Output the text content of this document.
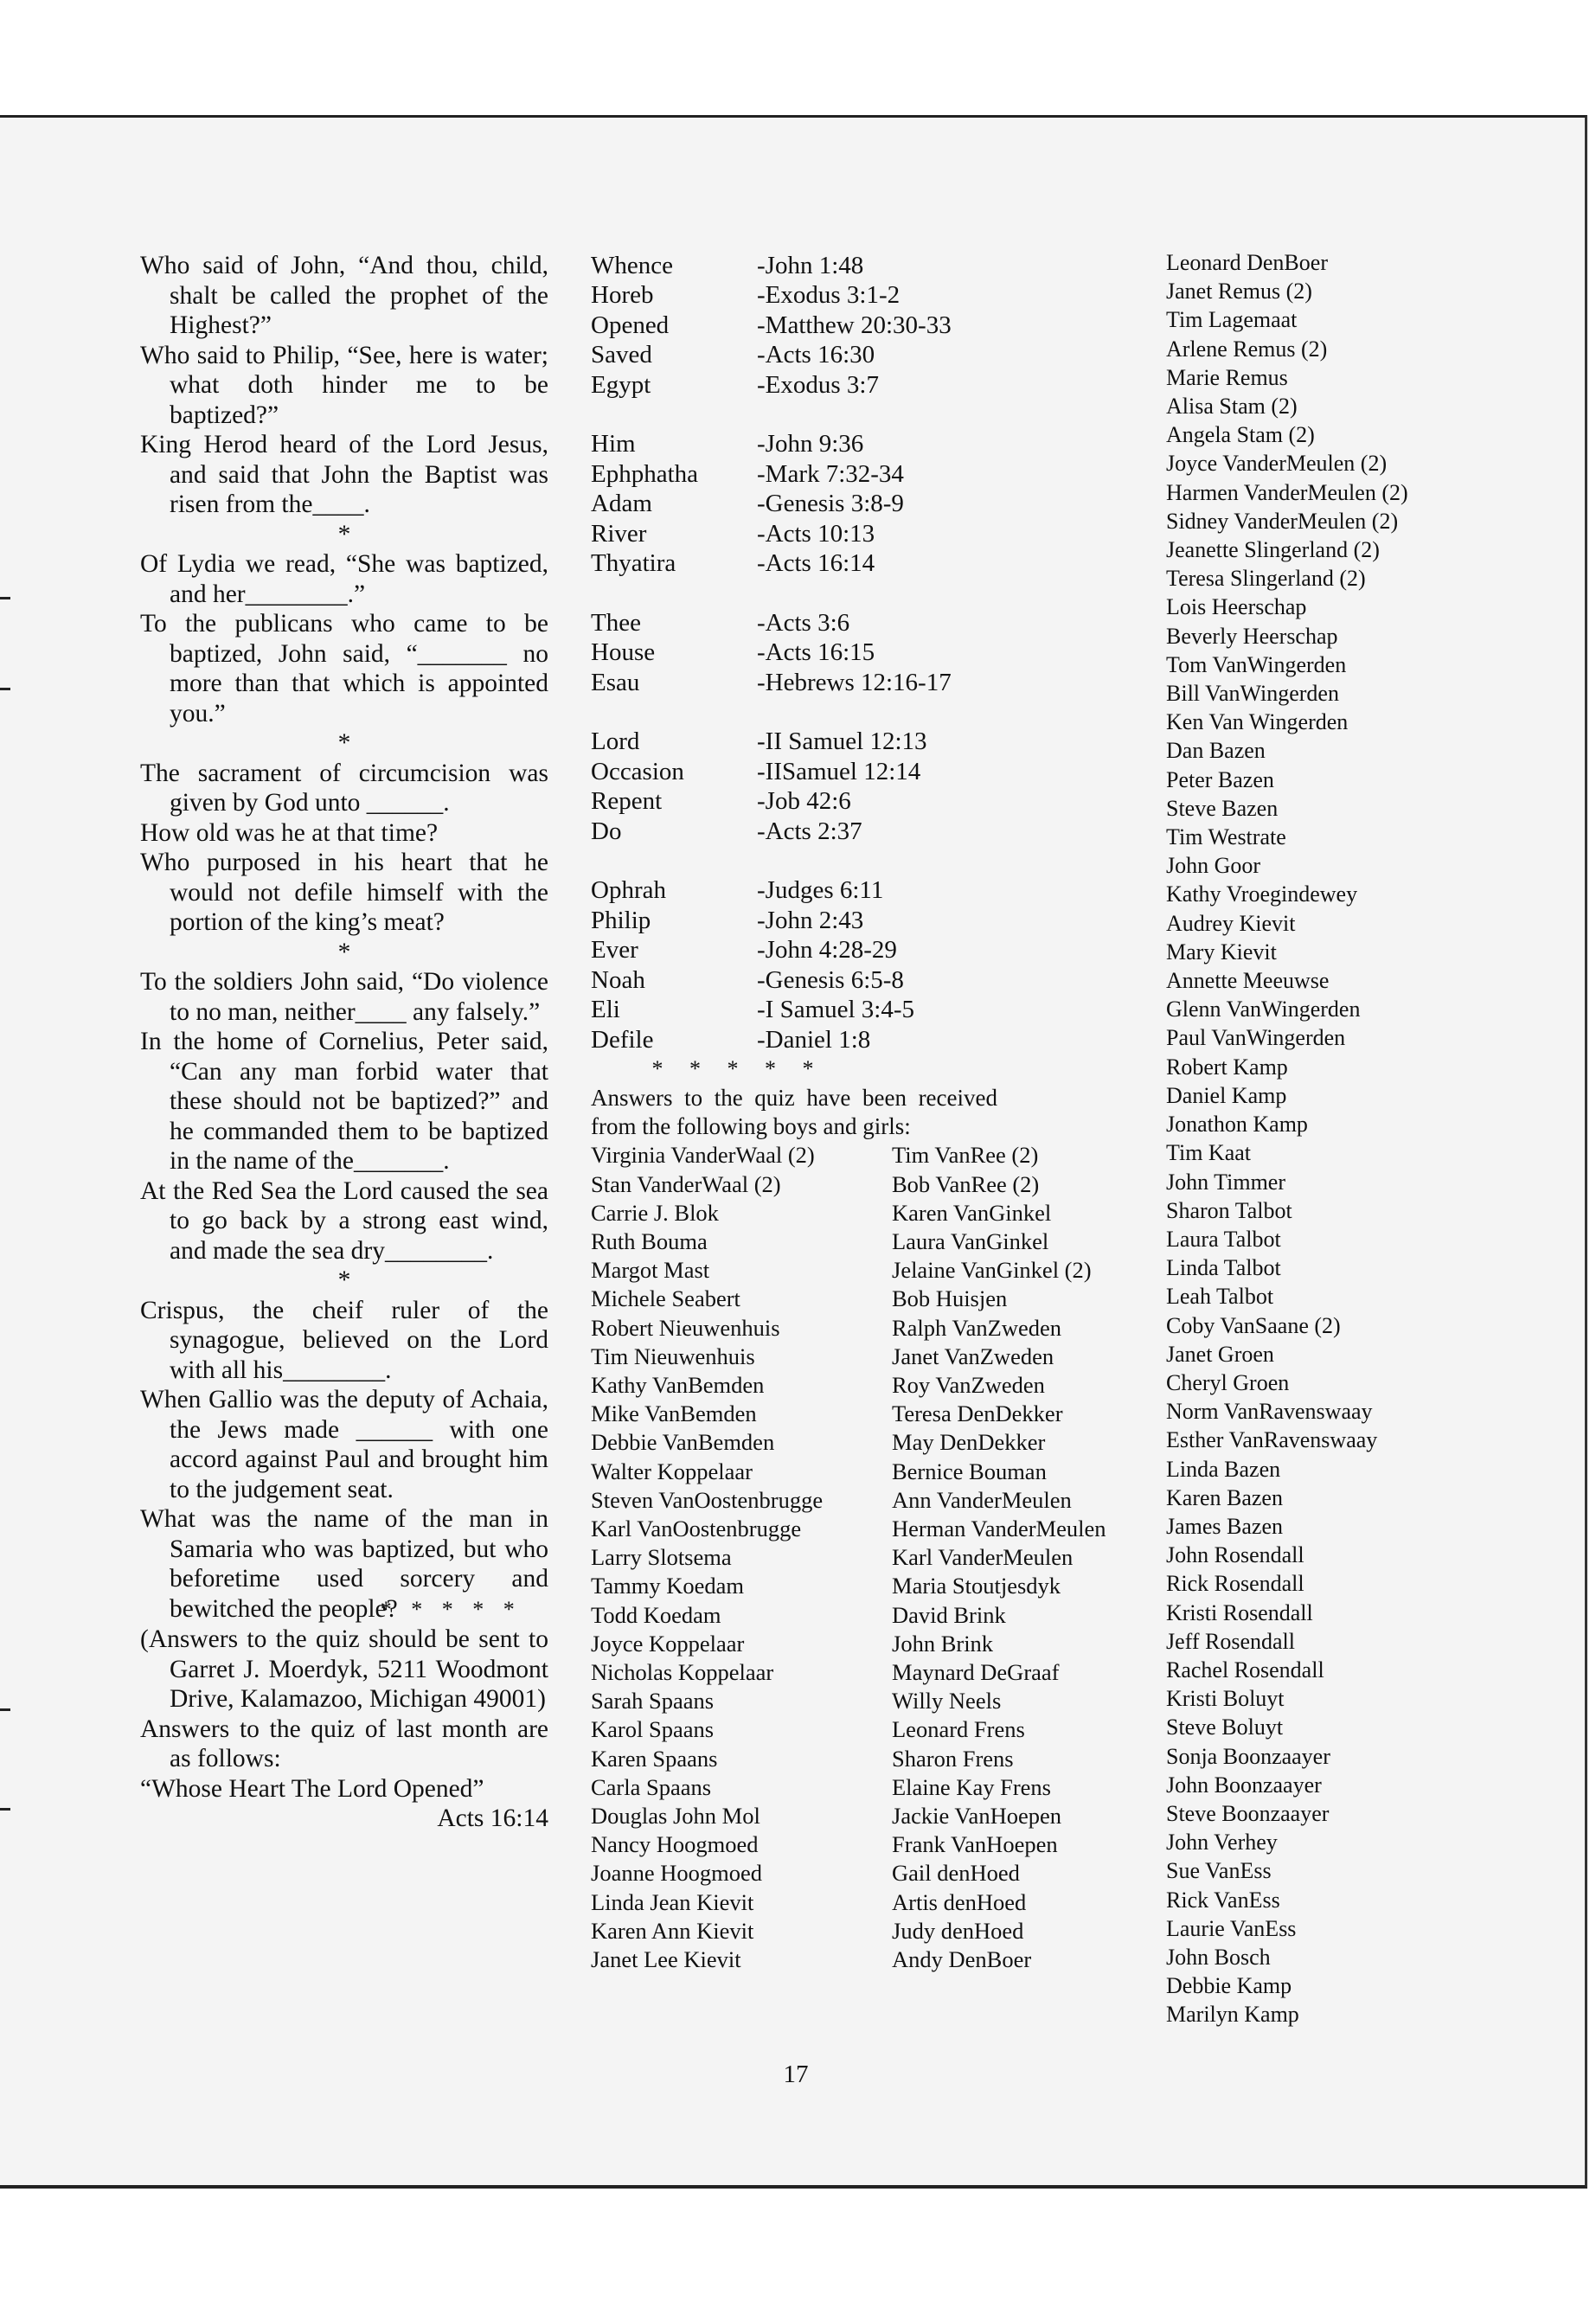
Who said of John, “And thou, child, shalt be called the prophet of the Highest?”
Who said to Philip, “See, here is water; what doth hinder me to be baptized?”
King Herod heard of the Lord Jesus, and said that John the Baptist was risen from the____.
*
Of Lydia we read, “She was baptized, and her________.”
To the publicans who came to be baptized, John said, “_______ no more than that which is appointed you.”
*
The sacrament of circumcision was given by God unto ______.
How old was he at that time?
Who purposed in his heart that he would not defile himself with the portion of the king’s meat?
*
To the soldiers John said, “Do violence to no man, neither____ any falsely.”
In the home of Cornelius, Peter said, “Can any man forbid water that these should not be baptized?” and he commanded them to be baptized in the name of the_______.
At the Red Sea the Lord caused the sea to go back by a strong east wind, and made the sea dry________.
*
Crispus, the cheif ruler of the synagogue, believed on the Lord with all his________.
When Gallio was the deputy of Achaia, the Jews made ______ with one accord against Paul and brought him to the judgement seat.
What was the name of the man in Samaria who was baptized, but who beforetime used sorcery and bewitched the people?* * * * *
(Answers to the quiz should be sent to Garret J. Moerdyk, 5211 Woodmont Drive, Kalamazoo, Michigan 49001)
Answers to the quiz of last month are as follows:
“Whose Heart The Lord Opened”
Acts 16:14
Whence	-John 1:48
Horeb	-Exodus 3:1-2
Opened	-Matthew 20:30-33
Saved	-Acts 16:30
Egypt	-Exodus 3:7
Him	-John 9:36
Ephphatha	-Mark 7:32-34
Adam	-Genesis 3:8-9
River	-Acts 10:13
Thyatira	-Acts 16:14
Thee	-Acts 3:6
House	-Acts 16:15
Esau	-Hebrews 12:16-17
Lord	-II Samuel 12:13
Occasion	-IISamuel 12:14
Repent	-Job 42:6
Do	-Acts 2:37
Ophrah	-Judges 6:11
Philip	-John 2:43
Ever	-John 4:28-29
Noah	-Genesis 6:5-8
Eli	-I Samuel 3:4-5
Defile	-Daniel 1:8
* * * * *
Answers to the quiz have been received from the following boys and girls:
Virginia VanderWaal (2)
Stan VanderWaal (2)
Carrie J. Blok
Ruth Bouma
Margot Mast
Michele Seabert
Robert Nieuwenhuis
Tim Nieuwenhuis
Kathy VanBemden
Mike VanBemden
Debbie VanBemden
Walter Koppelaar
Steven VanOostenbrugge
Karl VanOostenbrugge
Larry Slotsema
Tammy Koedam
Todd Koedam
Joyce Koppelaar
Nicholas Koppelaar
Sarah Spaans
Karol Spaans
Karen Spaans
Carla Spaans
Douglas John Mol
Nancy Hoogmoed
Joanne Hoogmoed
Linda Jean Kievit
Karen Ann Kievit
Janet Lee Kievit
Tim VanRee (2)
Bob VanRee (2)
Karen VanGinkel
Laura VanGinkel
Jelaine VanGinkel (2)
Bob Huisjen
Ralph VanZweden
Janet VanZweden
Roy VanZweden
Teresa DenDekker
May DenDekker
Bernice Bouman
Ann VanderMeulen
Herman VanderMeulen
Karl VanderMeulen
Maria Stoutjesdyk
David Brink
John Brink
Maynard DeGraaf
Willy Neels
Leonard Frens
Sharon Frens
Elaine Kay Frens
Jackie VanHoepen
Frank VanHoepen
Gail denHoed
Artis denHoed
Judy denHoed
Andy DenBoer
Leonard DenBoer
Janet Remus (2)
Tim Lagemaat
Arlene Remus (2)
Marie Remus
Alisa Stam (2)
Angela Stam (2)
Joyce VanderMeulen (2)
Harmen VanderMeulen (2)
Sidney VanderMeulen (2)
Jeanette Slingerland (2)
Teresa Slingerland (2)
Lois Heerschap
Beverly Heerschap
Tom VanWingerden
Bill VanWingerden
Ken Van Wingerden
Dan Bazen
Peter Bazen
Steve Bazen
Tim Westrate
John Goor
Kathy Vroegindewey
Audrey Kievit
Mary Kievit
Annette Meeuwse
Glenn VanWingerden
Paul VanWingerden
Robert Kamp
Daniel Kamp
Jonathon Kamp
Tim Kaat
John Timmer
Sharon Talbot
Laura Talbot
Linda Talbot
Leah Talbot
Coby VanSaane (2)
Janet Groen
Cheryl Groen
Norm VanRavenswaay
Esther VanRavenswaay
Linda Bazen
Karen Bazen
James Bazen
John Rosendall
Rick Rosendall
Kristi Rosendall
Jeff Rosendall
Rachel Rosendall
Kristi Boluyt
Steve Boluyt
Sonja Boonzaayer
John Boonzaayer
Steve Boonzaayer
John Verhey
Sue VanEss
Rick VanEss
Laurie VanEss
John Bosch
Debbie Kamp
Marilyn Kamp
17
